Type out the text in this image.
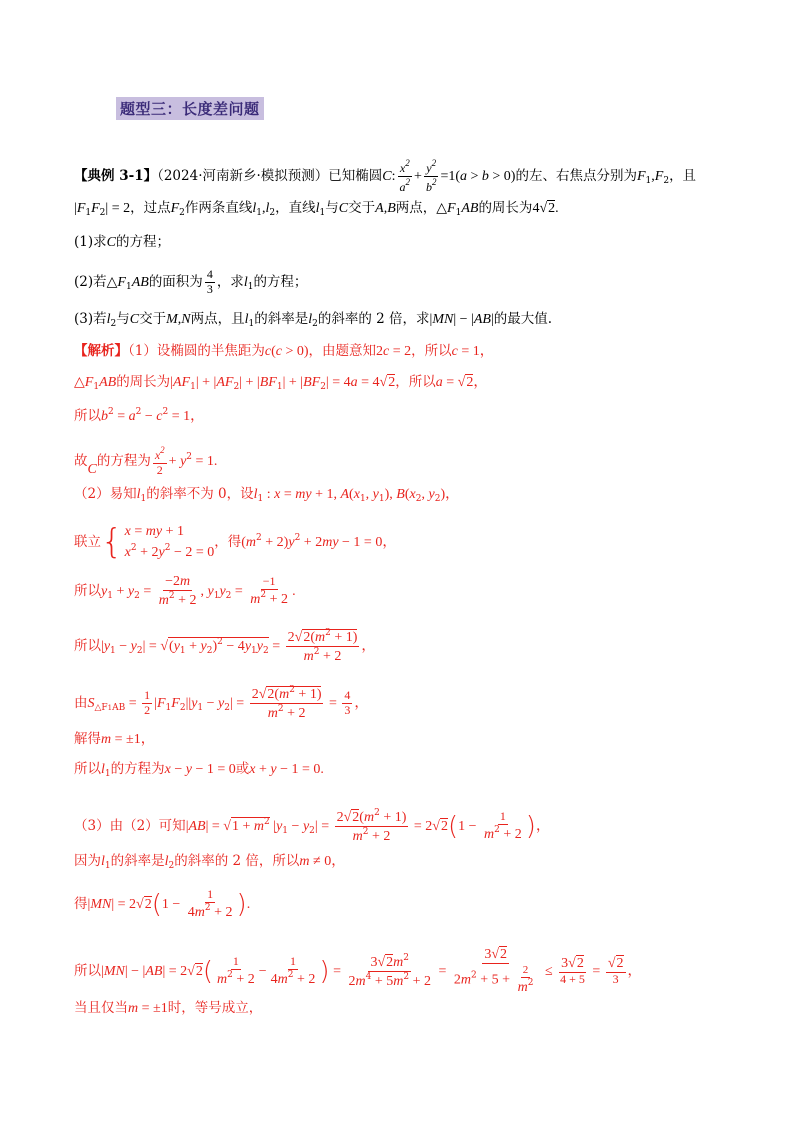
题型三：长度差问题
【典例 3-1】（2024·河南新乡·模拟预测）已知椭圆C: $\frac{x^2}{a^2} + \frac{y^2}{b^2} =1(a > b > 0)$的左、右焦点分别为$F_1,F_2$，且
$|F_1F_2| = 2$，过点$F_2$作两条直线$l_1,l_2$，直线$l_1$与C交于A,B两点，$\triangle F_1AB$的周长为4√2.
(1)求C的方程；
(2)若$\triangle F_1AB$的面积为 $\frac{4}{3}$ ，求$l_1$的方程；
(3)若$l_2$与C交于M,N两点，且$l_1$的斜率是$l_2$的斜率的 2 倍，求|MN| − |AB|的最大值.
【解析】（1）设椭圆的半焦距为c(c > 0)，由题意知2c = 2，所以c = 1，
$\triangle F_1AB$的周长为$|AF_1| + |AF_2| + |BF_1| + |BF_2| = 4a = 4√2$，所以a = √2，
所以$b^2 = a^2 - c^2 = 1$，
故C的方程为 $\frac{x^2}{2} + y^2 = 1$.
（2）易知$l_1$的斜率不为 0，设$l_1$ : x = my + 1, $A(x_1$, $y_1$), $B(x_2$, $y_2$)，
联立{ x = my + 1
$x^2 + 2y^2 - 2 = 0$
，得$(m^2 + 2)y^2 + 2my - 1 = 0$，
所以$y_1 + y_2 = \frac{-2m}{m^2 + 2}$ , $y_1y_2 = \frac{-1}{m^2 + 2}$ .
所以$|y_1 - y_2| = √(y_1 + y_2)^2 - 4y_1y_2 = \frac{2√2(m^2 + 1)}{m^2 + 2}$ ，
由$S_{\triangle F1AB} = \frac{1}{2} |F_1F_2||y_1 - y_2| = \frac{2√2(m^2 + 1)}{m^2 + 2} = \frac{4}{3}$ ，
解得m = ±1，
所以$l_1$的方程为x − y − 1 = 0或x + y − 1 = 0.
（3）由（2）可知$|AB| = √1 + m^2$ $|y_1 - y_2| = \frac{2√2(m^2 + 1)}{m^2 + 2} = 2√2(1 - \frac{1}{m^2 + 2}$ )，
因为$l_1$的斜率是$l_2$的斜率的 2 倍，所以m ≠ 0，
得$|MN| = 2√2(1 - \frac{1}{4m^2 + 2}$ ).
所以$|MN| - |AB| = 2√2( \frac{1}{m^2 + 2} - \frac{1}{4m^2 + 2}$ ) = $\frac{3√2m^2}{2m^4 + 5m^2 + 2} = \frac{3√2}{2m^2 + 5 + \frac{2}{m^2}} \le \frac{3√2}{4 + 5} = \frac{√2}{3}$ ，
当且仅当m = ±1时，等号成立，
